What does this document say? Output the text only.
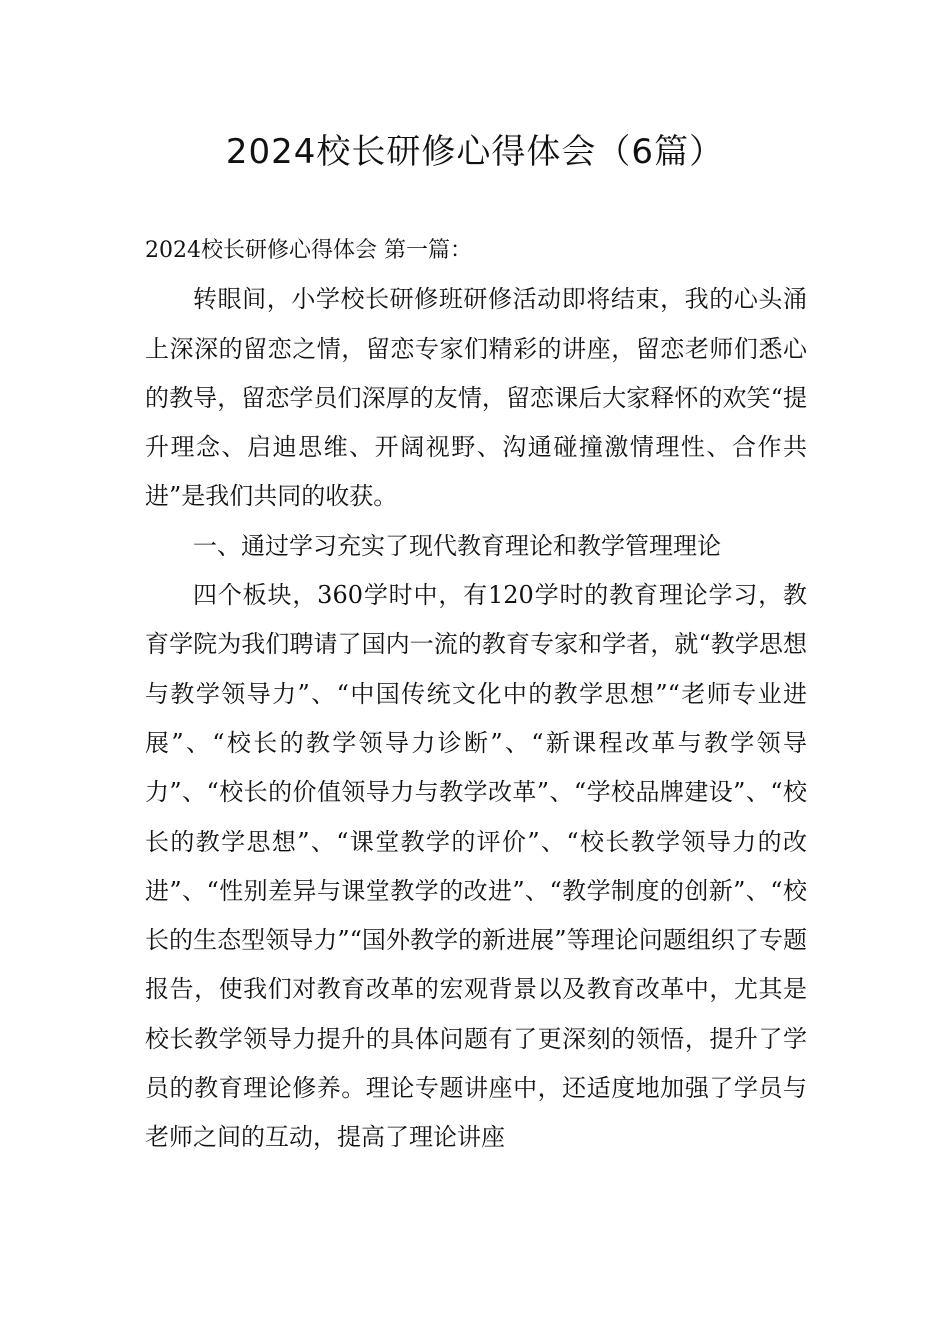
2024校长研修心得体会（6篇）

2024校长研修心得体会 第一篇：

转眼间，小学校长研修班研修活动即将结束，我的心头涌上深深的留恋之情，留恋专家们精彩的讲座，留恋老师们悉心的教导，留恋学员们深厚的友情，留恋课后大家释怀的欢笑“提升理念、启迪思维、开阔视野、沟通碰撞激情理性、合作共进”是我们共同的收获。

一、通过学习充实了现代教育理论和教学管理理论

四个板块，360学时中，有120学时的教育理论学习，教育学院为我们聘请了国内一流的教育专家和学者，就“教学思想与教学领导力”、“中国传统文化中的教学思想”“老师专业进展”、“校长的教学领导力诊断”、“新课程改革与教学领导力”、“校长的价值领导力与教学改革”、“学校品牌建设”、“校长的教学思想”、“课堂教学的评价”、“校长教学领导力的改进”、“性别差异与课堂教学的改进”、“教学制度的创新”、“校长的生态型领导力”“国外教学的新进展”等理论问题组织了专题报告，使我们对教育改革的宏观背景以及教育改革中，尤其是校长教学领导力提升的具体问题有了更深刻的领悟，提升了学员的教育理论修养。理论专题讲座中，还适度地加强了学员与老师之间的互动，提高了理论讲座
